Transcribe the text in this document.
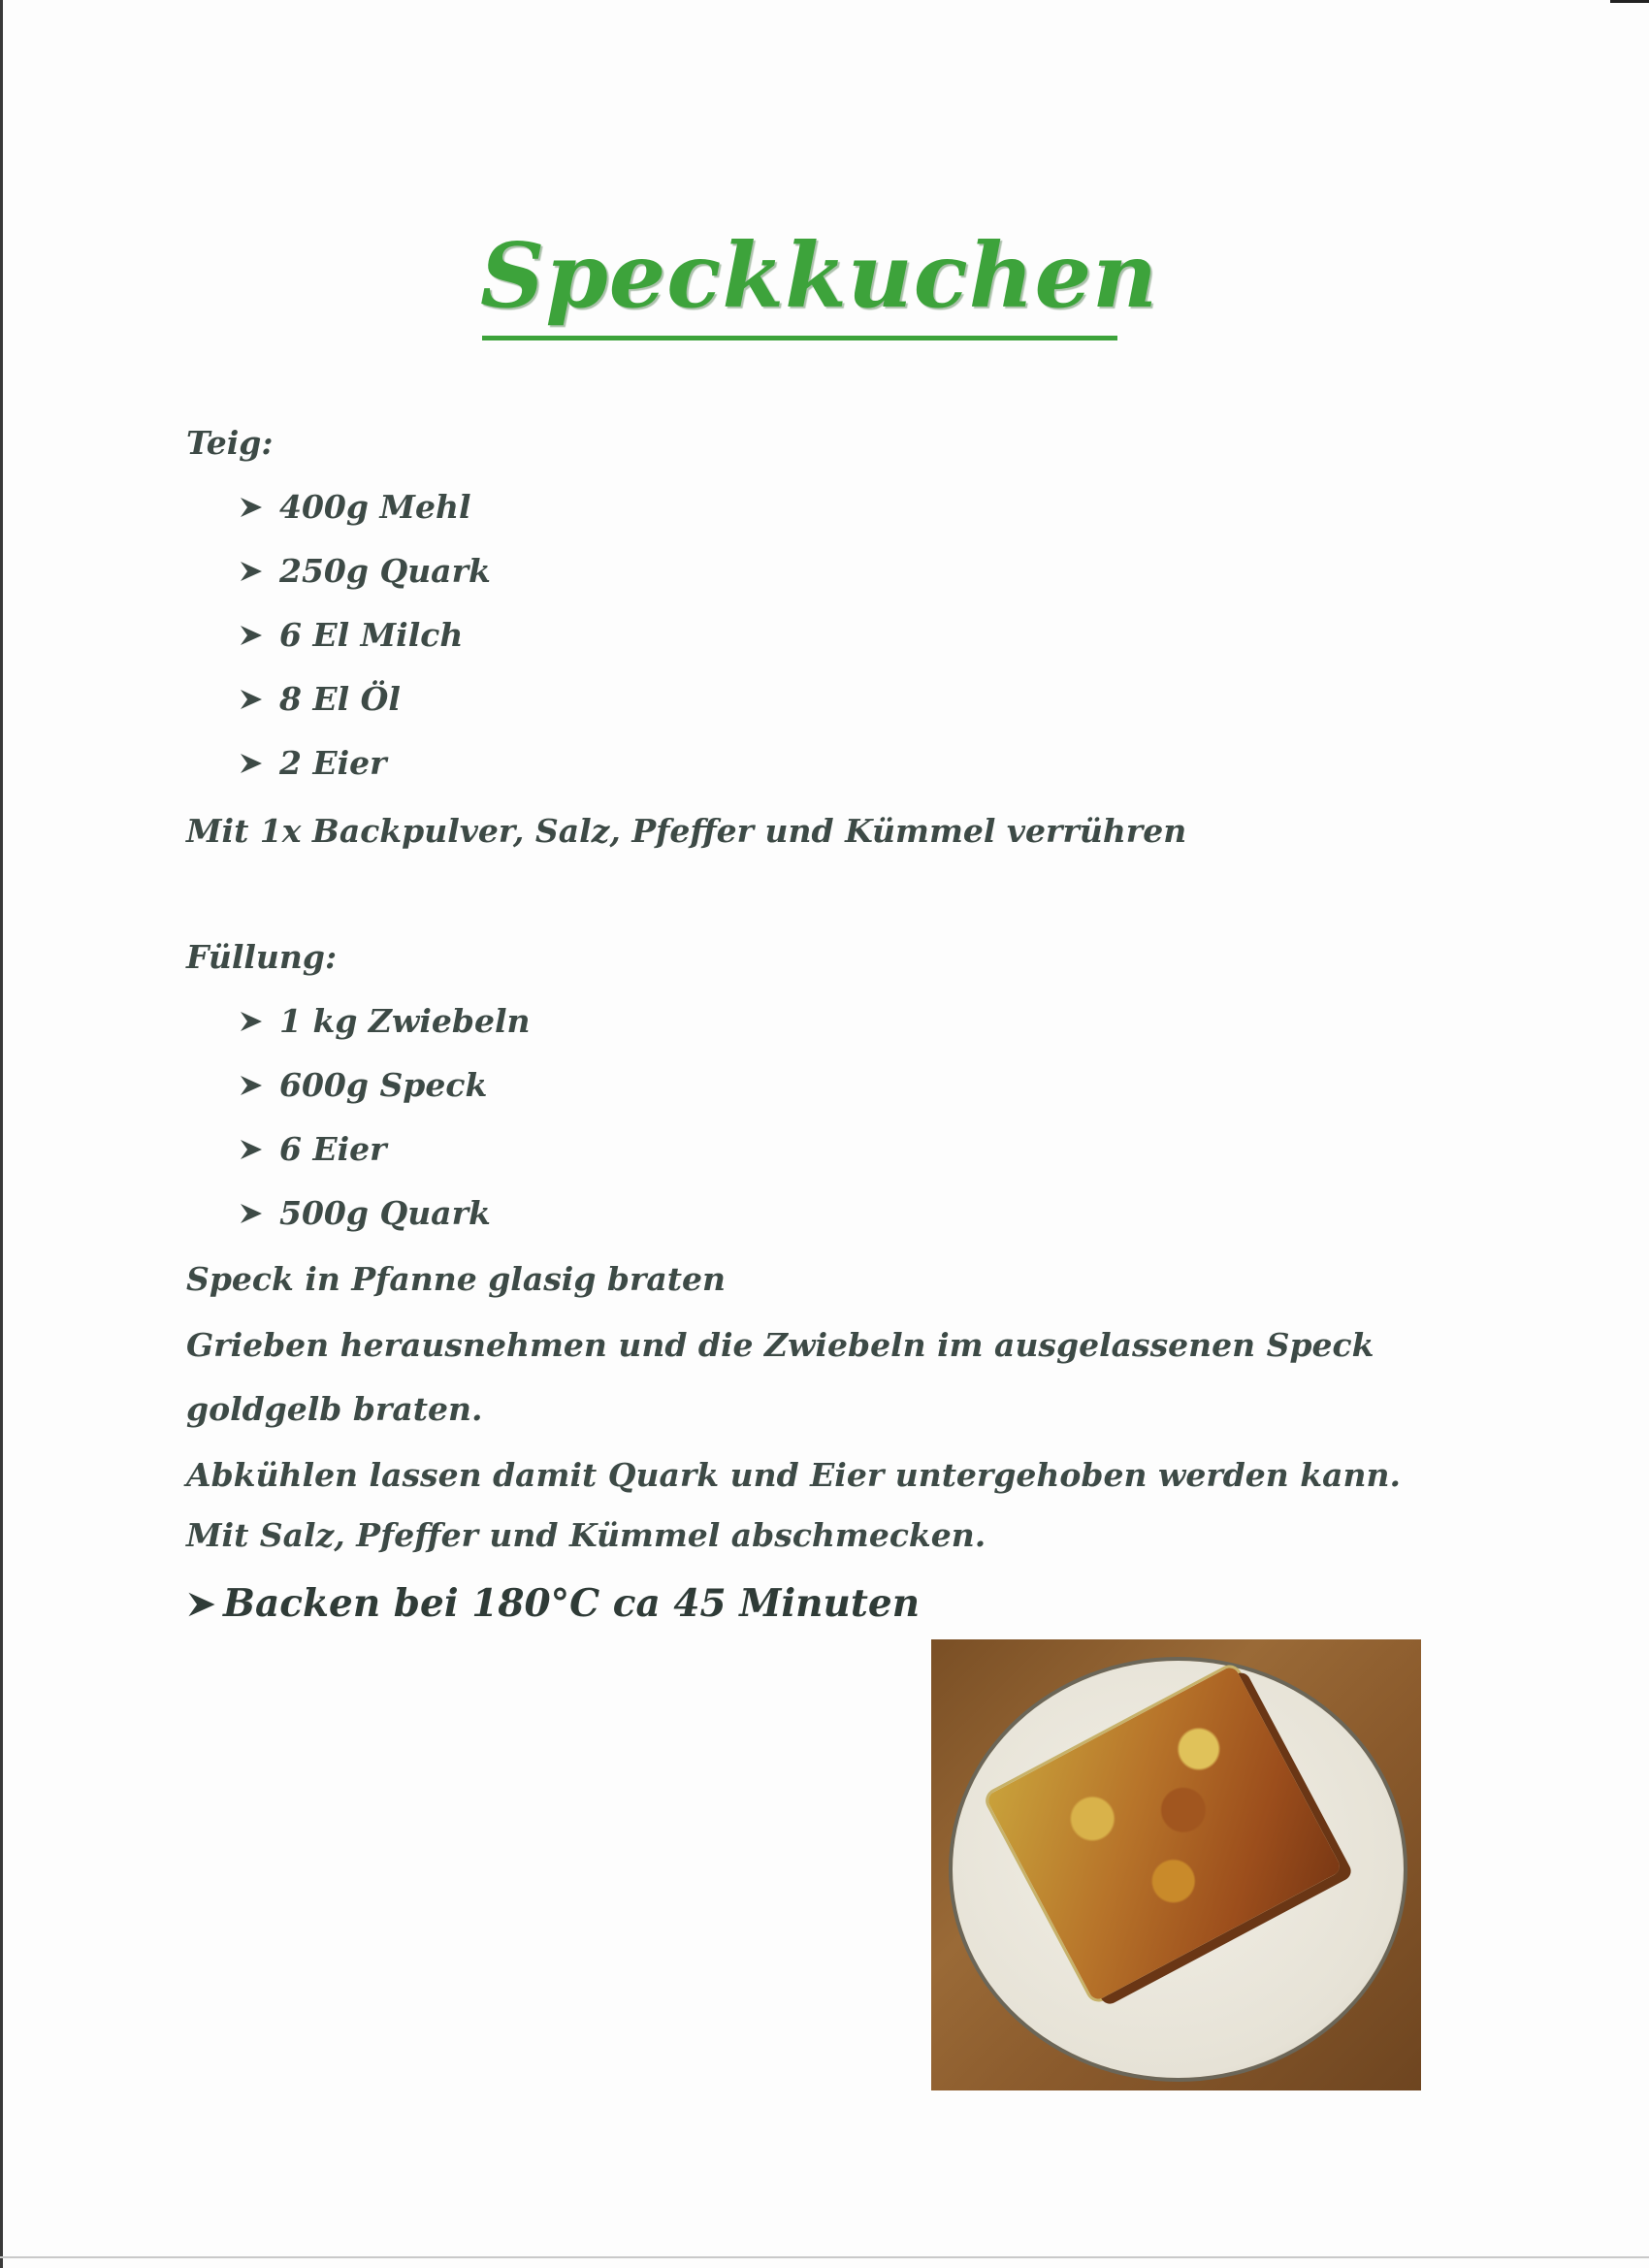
Speckkuchen
Teig:
400g Mehl
250g Quark
6 El Milch
8 El Öl
2 Eier
Mit 1x Backpulver, Salz, Pfeffer und Kümmel verrühren
Füllung:
1 kg Zwiebeln
600g Speck
6 Eier
500g Quark
Speck in Pfanne glasig braten
Grieben herausnehmen und die Zwiebeln im ausgelassenen Speck
goldgelb braten.
Abkühlen lassen damit Quark und Eier untergehoben werden kann.
Mit Salz, Pfeffer und Kümmel abschmecken.
Backen bei 180°C ca 45 Minuten
